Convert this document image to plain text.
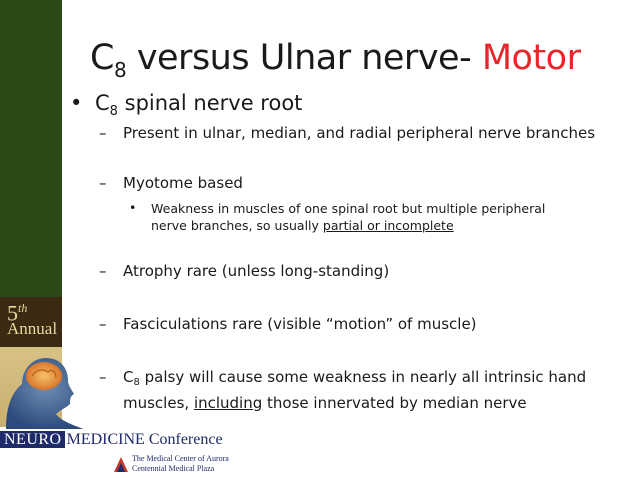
5th
Annual
NEURO MEDICINE Conference
The Medical Center of Aurora
Centennial Medical Plaza
$C_8$ versus Ulnar nerve- Motor
• $C_8$ spinal nerve root
– Present in ulnar, median, and radial peripheral nerve branches
– Myotome based
•	Weakness in muscles of one spinal root but multiple peripheral nerve branches, so usually partial or incomplete
– Atrophy rare (unless long-standing)
– Fasciculations rare (visible “motion” of muscle)
– $C_8$ palsy will cause some weakness in nearly all intrinsic hand
muscles, including those innervated by median nerve
